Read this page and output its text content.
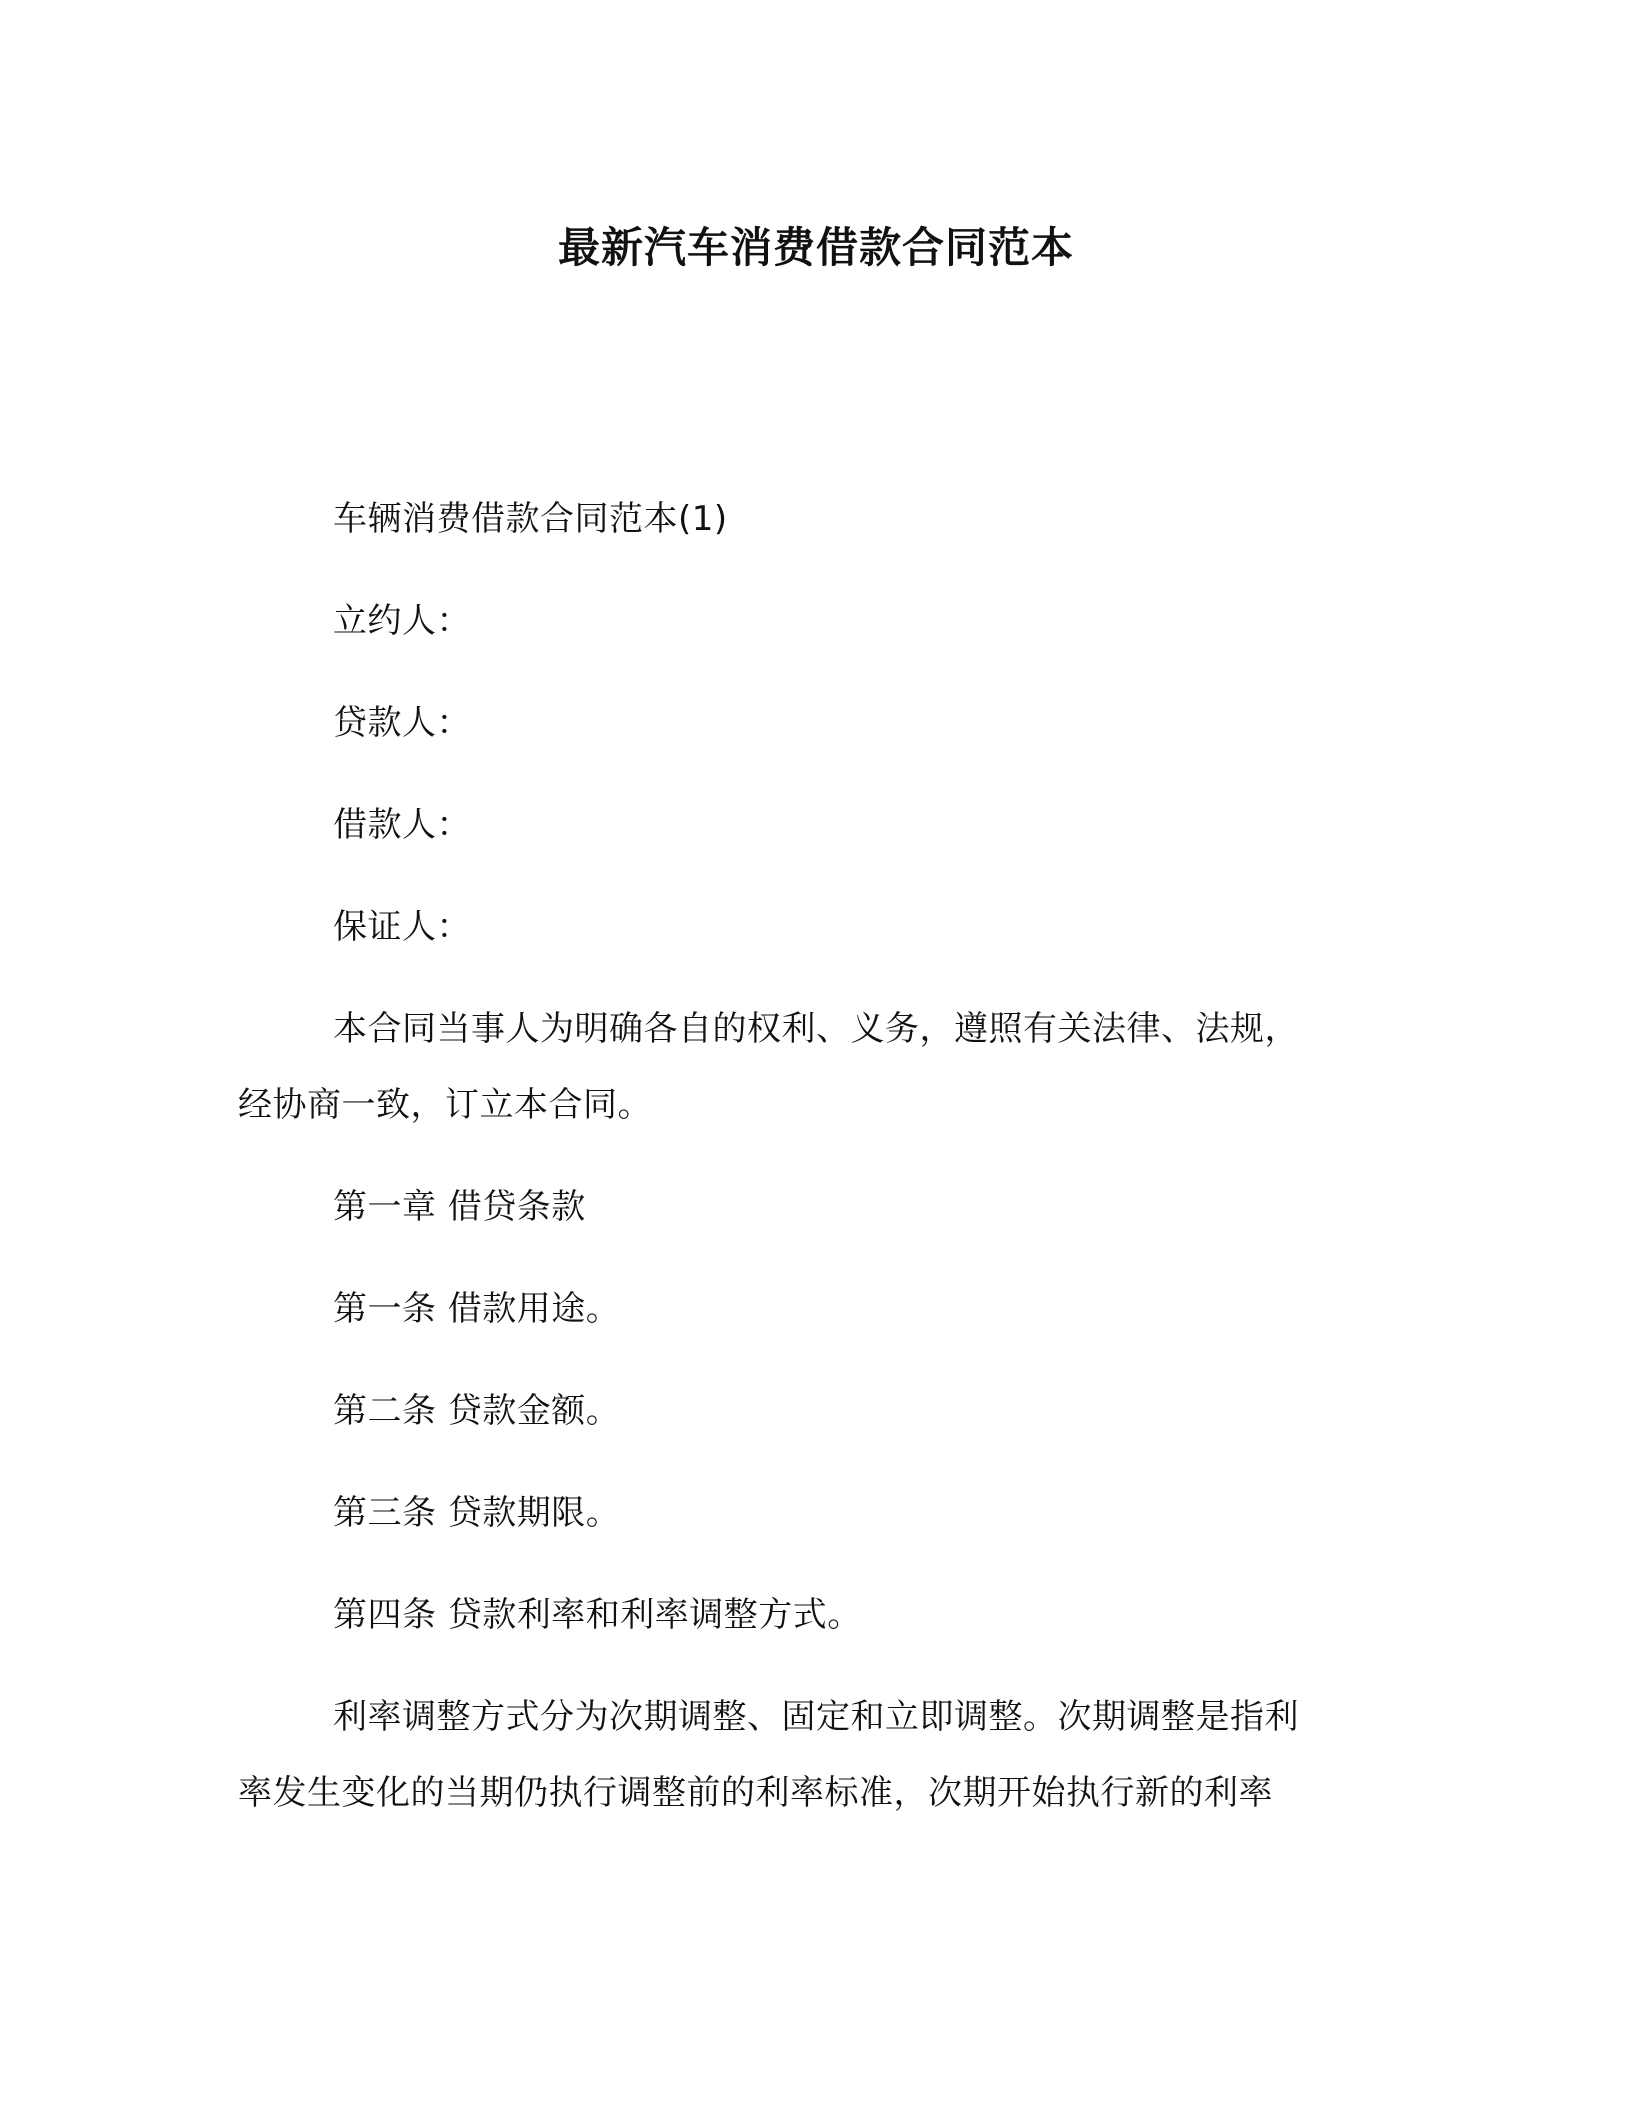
最新汽车消费借款合同范本

车辆消费借款合同范本(1)

立约人：

贷款人：

借款人：

保证人：

本合同当事人为明确各自的权利、义务，遵照有关法律、法规，

经协商一致，订立本合同。

第一章 借贷条款

第一条 借款用途。

第二条 贷款金额。

第三条 贷款期限。

第四条 贷款利率和利率调整方式。

利率调整方式分为次期调整、固定和立即调整。次期调整是指利

率发生变化的当期仍执行调整前的利率标准，次期开始执行新的利率
